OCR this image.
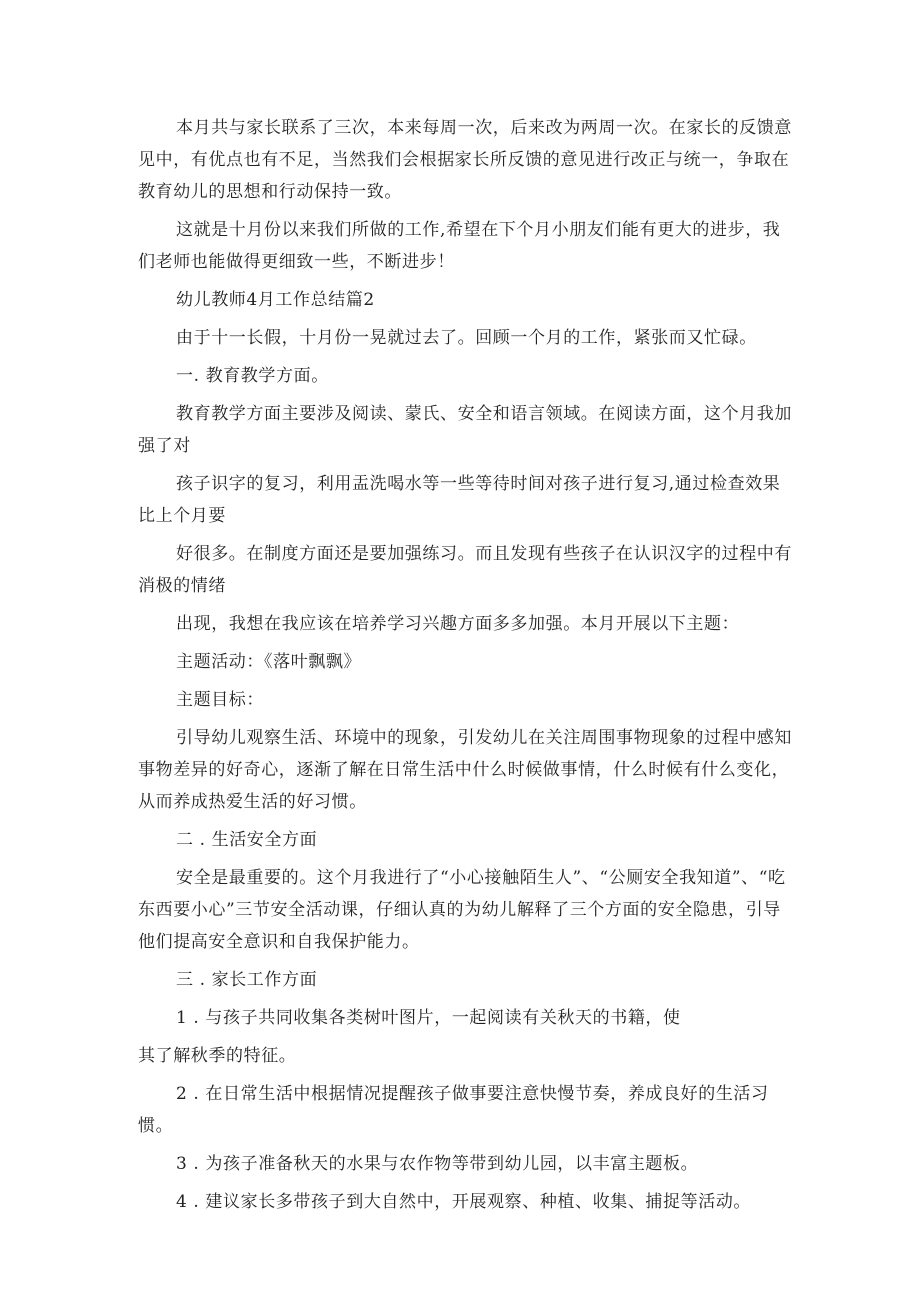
本月共与家长联系了三次，本来每周一次，后来改为两周一次。在家长的反馈意见中，有优点也有不足，当然我们会根据家长所反馈的意见进行改正与统一，争取在教育幼儿的思想和行动保持一致。

这就是十月份以来我们所做的工作,希望在下个月小朋友们能有更大的进步，我们老师也能做得更细致一些，不断进步！

幼儿教师4月工作总结篇2

由于十一长假，十月份一晃就过去了。回顾一个月的工作，紧张而又忙碌。

一. 教育教学方面。

教育教学方面主要涉及阅读、蒙氏、安全和语言领域。在阅读方面，这个月我加强了对

孩子识字的复习，利用盂洗喝水等一些等待时间对孩子进行复习,通过检查效果比上个月要

好很多。在制度方面还是要加强练习。而且发现有些孩子在认识汉字的过程中有消极的情绪

出现，我想在我应该在培养学习兴趣方面多多加强。本月开展以下主题：

主题活动：《落叶飘飘》

主题目标：

引导幼儿观察生活、环境中的现象，引发幼儿在关注周围事物现象的过程中感知事物差异的好奇心，逐渐了解在日常生活中什么时候做事情，什么时候有什么变化，从而养成热爱生活的好习惯。

二 . 生活安全方面

安全是最重要的。这个月我进行了“小心接触陌生人”、“公厕安全我知道”、“吃东西要小心”三节安全活动课，仔细认真的为幼儿解释了三个方面的安全隐患，引导他们提高安全意识和自我保护能力。

三 . 家长工作方面

1 . 与孩子共同收集各类树叶图片，一起阅读有关秋天的书籍，使

其了解秋季的特征。

2 . 在日常生活中根据情况提醒孩子做事要注意快慢节奏，养成良好的生活习惯。

3 . 为孩子准备秋天的水果与农作物等带到幼儿园，以丰富主题板。

4 . 建议家长多带孩子到大自然中，开展观察、种植、收集、捕捉等活动。
